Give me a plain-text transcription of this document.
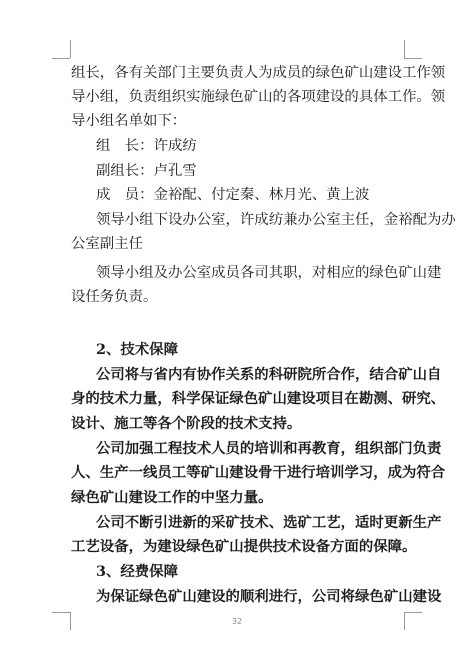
组长，各有关部门主要负责人为成员的绿色矿山建设工作领
导小组，负责组织实施绿色矿山的各项建设的具体工作。领
导小组名单如下：
组　长：许成纺
副组长：卢孔雪
成　员：金裕配、付定秦、林月光、黄上波
领导小组下设办公室，许成纺兼办公室主任，金裕配为办
公室副主任
领导小组及办公室成员各司其职，对相应的绿色矿山建
设任务负责。
2、技术保障
公司将与省内有协作关系的科研院所合作，结合矿山自
身的技术力量，科学保证绿色矿山建设项目在勘测、研究、
设计、施工等各个阶段的技术支持。
公司加强工程技术人员的培训和再教育，组织部门负责
人、生产一线员工等矿山建设骨干进行培训学习，成为符合
绿色矿山建设工作的中坚力量。
公司不断引进新的采矿技术、选矿工艺，适时更新生产
工艺设备，为建设绿色矿山提供技术设备方面的保障。
3、经费保障
为保证绿色矿山建设的顺利进行，公司将绿色矿山建设
32
